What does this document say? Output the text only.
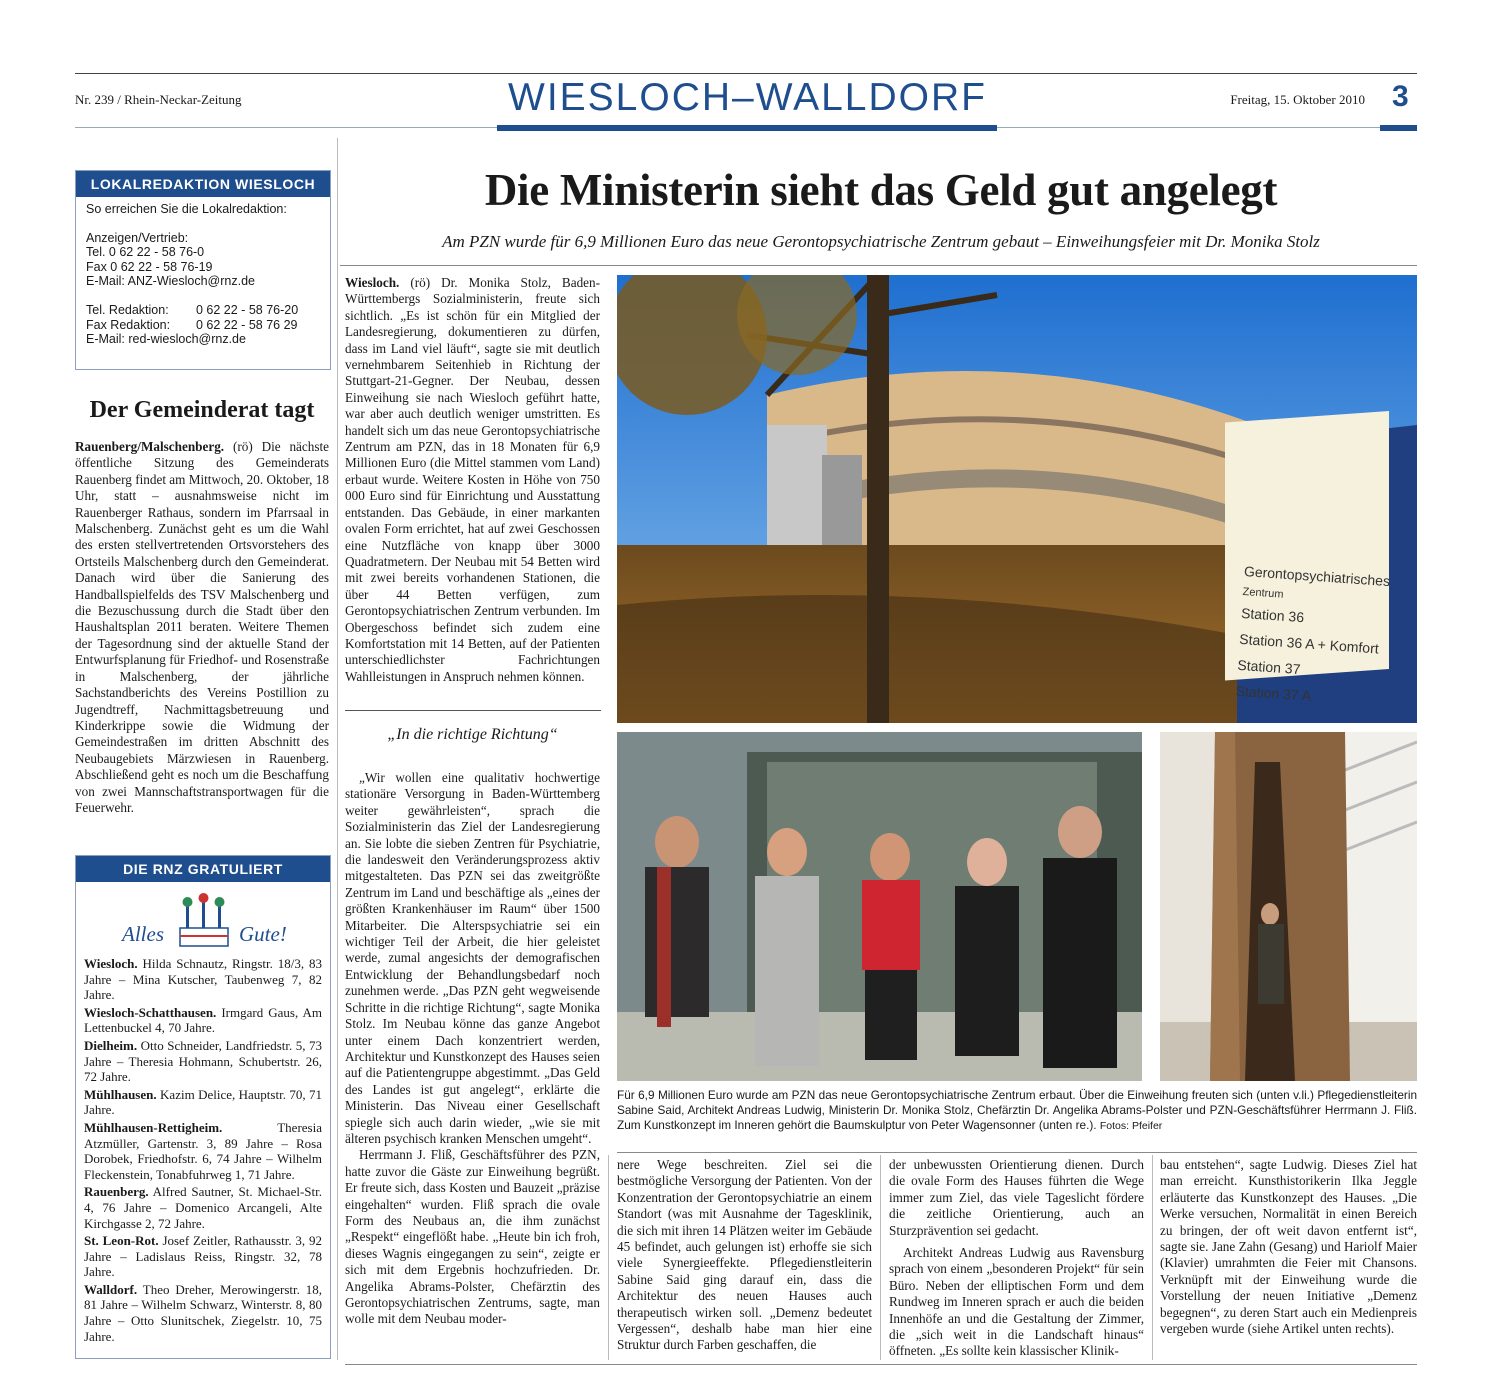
Nr. 239 / Rhein-Neckar-Zeitung	WIESLOCH–WALLDORF	Freitag, 15. Oktober 2010 3
LOKALREDAKTION WIESLOCH
So erreichen Sie die Lokalredaktion:
Anzeigen/Vertrieb:
Tel. 0 62 22 - 58 76-0
Fax 0 62 22 - 58 76-19
E-Mail: ANZ-Wiesloch@rnz.de
Tel. Redaktion: 0 62 22 - 58 76-20
Fax Redaktion: 0 62 22 - 58 76 29
E-Mail: red-wiesloch@rnz.de
Der Gemeinderat tagt

Rauenberg/Malschenberg. (rö) Die nächste öffentliche Sitzung des Gemeinderats Rauenberg findet am Mittwoch, 20. Oktober, 18 Uhr, statt – ausnahmsweise nicht im Rauenberger Rathaus, sondern im Pfarrsaal in Malschenberg. Zunächst geht es um die Wahl des ersten stellvertretenden Ortsvorstehers des Ortsteils Malschenberg durch den Gemeinderat. Danach wird über die Sanierung des Handballspielfelds des TSV Malschenberg und die Bezuschussung durch die Stadt über den Haushaltsplan 2011 beraten. Weitere Themen der Tagesordnung sind der aktuelle Stand der Entwurfsplanung für Friedhof- und Rosenstraße in Malschenberg, der jährliche Sachstandberichts des Vereins Postillion zu Jugendtreff, Nachmittagsbetreuung und Kinderkrippe sowie die Widmung der Gemeindestraßen im dritten Abschnitt des Neubaugebiets Märzwiesen in Rauenberg. Abschließend geht es noch um die Beschaffung von zwei Mannschaftstransportwagen für die Feuerwehr.

DIE RNZ GRATULIERT
Alles	Gute!

Wiesloch. Hilda Schnautz, Ringstr. 18/3, 83 Jahre – Mina Kutscher, Taubenweg 7, 82 Jahre.

Wiesloch-Schatthausen. Irmgard Gaus, Am Lettenbuckel 4, 70 Jahre.

Dielheim. Otto Schneider, Landfriedstr. 5, 73 Jahre – Theresia Hohmann, Schubertstr. 26, 72 Jahre.

Mühlhausen. Kazim Delice, Hauptstr. 70, 71 Jahre.

Mühlhausen-Rettigheim.	Theresia Atzmüller, Gartenstr. 3, 89 Jahre – Rosa Dorobek, Friedhofstr. 6, 74 Jahre – Wilhelm Fleckenstein, Tonabfuhrweg 1, 71 Jahre.

Rauenberg. Alfred Sautner, St. Michael-Str. 4, 76 Jahre – Domenico Arcangeli, Alte Kirchgasse 2, 72 Jahre.

St. Leon-Rot. Josef Zeitler, Rathausstr. 3, 92 Jahre – Ladislaus Reiss, Ringstr. 32, 78 Jahre.

Walldorf. Theo Dreher, Merowingerstr. 18, 81 Jahre – Wilhelm Schwarz, Winterstr. 8, 80 Jahre – Otto Slunitschek, Ziegelstr. 10, 75 Jahre.

Die Ministerin sieht das Geld gut angelegt
Am PZN wurde für 6,9 Millionen Euro das neue Gerontopsychiatrische Zentrum gebaut – Einweihungsfeier mit Dr. Monika Stolz

Wiesloch. (rö) Dr. Monika Stolz, Baden-Württembergs Sozialministerin, freute sich sichtlich. „Es ist schön für ein Mitglied der Landesregierung, dokumentieren zu dürfen, dass im Land viel läuft“, sagte sie mit deutlich vernehmbarem Seitenhieb in Richtung der Stuttgart-21-Gegner. Der Neubau, dessen Einweihung sie nach Wiesloch geführt hatte, war aber auch deutlich weniger umstritten. Es handelt sich um das neue Gerontopsychiatrische Zentrum am PZN, das in 18 Monaten für 6,9 Millionen Euro (die Mittel stammen vom Land) erbaut wurde. Weitere Kosten in Höhe von 750 000 Euro sind für Einrichtung und Ausstattung entstanden. Das Gebäude, in einer markanten ovalen Form errichtet, hat auf zwei Geschossen eine Nutzfläche von knapp über 3000 Quadratmetern. Der Neubau mit 54 Betten wird mit zwei bereits vorhandenen Stationen, die über 44 Betten verfügen, zum Gerontopsychiatrischen Zentrum verbunden. Im Obergeschoss befindet sich zudem eine Komfortstation mit 14 Betten, auf der Patienten unterschiedlichster Fachrichtungen Wahlleistungen in Anspruch nehmen können.

„In die richtige Richtung“

„Wir wollen eine qualitativ hochwertige stationäre Versorgung in Baden-Württemberg weiter gewährleisten“, sprach die Sozialministerin das Ziel der Landesregierung an. Sie lobte die sieben Zentren für Psychiatrie, die landesweit den Veränderungsprozess aktiv mitgestalteten. Das PZN sei das zweitgrößte Zentrum im Land und beschäftige als „eines der größten Krankenhäuser im Raum“ über 1500 Mitarbeiter. Die Alterspsychiatrie sei ein wichtiger Teil der Arbeit, die hier geleistet werde, zumal angesichts der demografischen Entwicklung der Behandlungsbedarf noch zunehmen werde. „Das PZN geht wegweisende Schritte in die richtige Richtung“, sagte Monika Stolz. Im Neubau könne das ganze Angebot unter einem Dach konzentriert werden, Architektur und Kunstkonzept des Hauses seien auf die Patientengruppe abgestimmt. „Das Geld des Landes ist gut angelegt“, erklärte die Ministerin. Das Niveau einer Gesellschaft spiegle sich auch darin wieder, „wie sie mit älteren psychisch kranken Menschen umgeht“.

Herrmann J. Fliß, Geschäftsführer des PZN, hatte zuvor die Gäste zur Einweihung begrüßt. Er freute sich, dass Kosten und Bauzeit „präzise eingehalten“ wurden. Fliß sprach die ovale Form des Neubaus an, die ihm zunächst „Respekt“ eingeflößt habe. „Heute bin ich froh, dieses Wagnis eingegangen zu sein“, zeigte er sich mit dem Ergebnis hochzufrieden. Dr. Angelika Abrams-Polster, Chefärztin des Gerontopsychiatrischen Zentrums, sagte, man wolle mit dem Neubau moder-

Gerontopsychiatrisches
Zentrum
Station 36
Station 36 A + Komfort
Station 37
Station 37 A
Für 6,9 Millionen Euro wurde am PZN das neue Gerontopsychiatrische Zentrum erbaut. Über die Einweihung freuten sich (unten v.li.) Pflegedienstleiterin Sabine Said, Architekt Andreas Ludwig, Ministerin Dr. Monika Stolz, Chefärztin Dr. Angelika Abrams-Polster und PZN-Geschäftsführer Herrmann J. Fliß. Zum Kunstkonzept im Inneren gehört die Baumskulptur von Peter Wagensonner (unten re.). Fotos: Pfeifer

nere Wege beschreiten. Ziel sei die bestmögliche Versorgung der Patienten. Von der Konzentration der Gerontopsychiatrie an einem Standort (was mit Ausnahme der Tagesklinik, die sich mit ihren 14 Plätzen weiter im Gebäude 45 befindet, auch gelungen ist) erhoffe sie sich viele Synergieeffekte. Pflegedienstleiterin Sabine Said ging darauf ein, dass die Architektur des neuen Hauses auch therapeutisch wirken soll. „Demenz bedeutet Vergessen“, deshalb habe man hier eine Struktur durch Farben geschaffen, die

der unbewussten Orientierung dienen. Durch die ovale Form des Hauses führten die Wege immer zum Ziel, das viele Tageslicht fördere die zeitliche Orientierung, auch an Sturzprävention sei gedacht.

Architekt Andreas Ludwig aus Ravensburg sprach von einem „besonderen Projekt“ für sein Büro. Neben der elliptischen Form und dem Rundweg im Inneren sprach er auch die beiden Innenhöfe an und die Gestaltung der Zimmer, die „sich weit in die Landschaft hinaus“ öffneten. „Es sollte kein klassischer Klinik-

bau entstehen“, sagte Ludwig. Dieses Ziel hat man erreicht. Kunsthistorikerin Ilka Jeggle erläuterte das Kunstkonzept des Hauses. „Die Werke versuchen, Normalität in einen Bereich zu bringen, der oft weit davon entfernt ist“, sagte sie. Jane Zahn (Gesang) und Hariolf Maier (Klavier) umrahmten die Feier mit Chansons. Verknüpft mit der Einweihung wurde die Vorstellung der neuen Initiative „Demenz begegnen“, zu deren Start auch ein Medienpreis vergeben wurde (siehe Artikel unten rechts).
